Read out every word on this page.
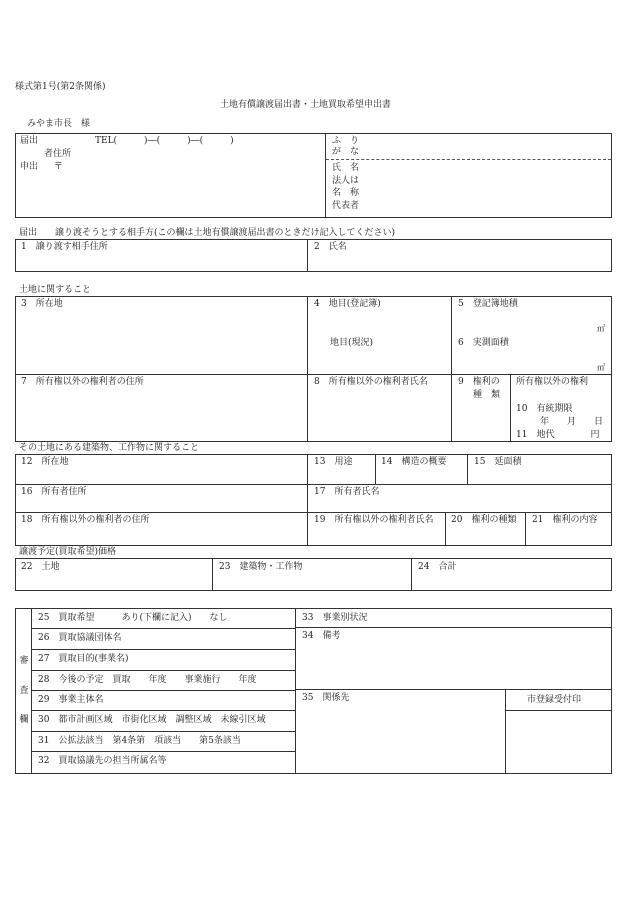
様式第1号(第2条関係)
土地有償譲渡届出書・土地買取希望申出書
みやま市長　様
届出	TEL(　　　)―(　　　)―(　　　)
者住所
申出 〒
ふ　り
が　な
氏　名
法人は
名　称
代表者
届出　　譲り渡そうとする相手方(この欄は土地有償譲渡届出書のときだけ記入してください)
1　譲り渡す相手住所	2　氏名
土地に関すること
3　所在地	4　地目(登記簿)
地目(現況)
5　登記簿地積
㎡
6　実測面積
㎡
7　所有権以外の権利者の住所	8　所有権以外の権利者氏名	9　権利の
種　類
所有権以外の権利
10　有統期限
年　　月　　日
11　地代　　　　円
その土地にある建築物、工作物に関すること
12　所在地	13　用途	14　構造の概要	15　延面積
16　所有者住所	17　所有者氏名
18　所有権以外の権利者の住所	19　所有権以外の権利者氏名 20　権利の種類 21　権利の内容
譲渡予定(買取希望)価格
22　土地	23　建築物・工作物	24　合計
審
査
欄
25　買取希望　　　あり(下欄に記入)　　なし
26　買取協議団体名
27　買取目的(事業名)
28　今後の予定　買取　　年度　　事業施行　　年度
29　事業主体名
30　都市計画区域　市街化区域　調整区域　未線引区域
31　公拡法該当　第4条第　項該当　　第5条該当
32　買取協議先の担当所属名等
33　事業別状況
34　備考
35　関係先	市登録受付印
